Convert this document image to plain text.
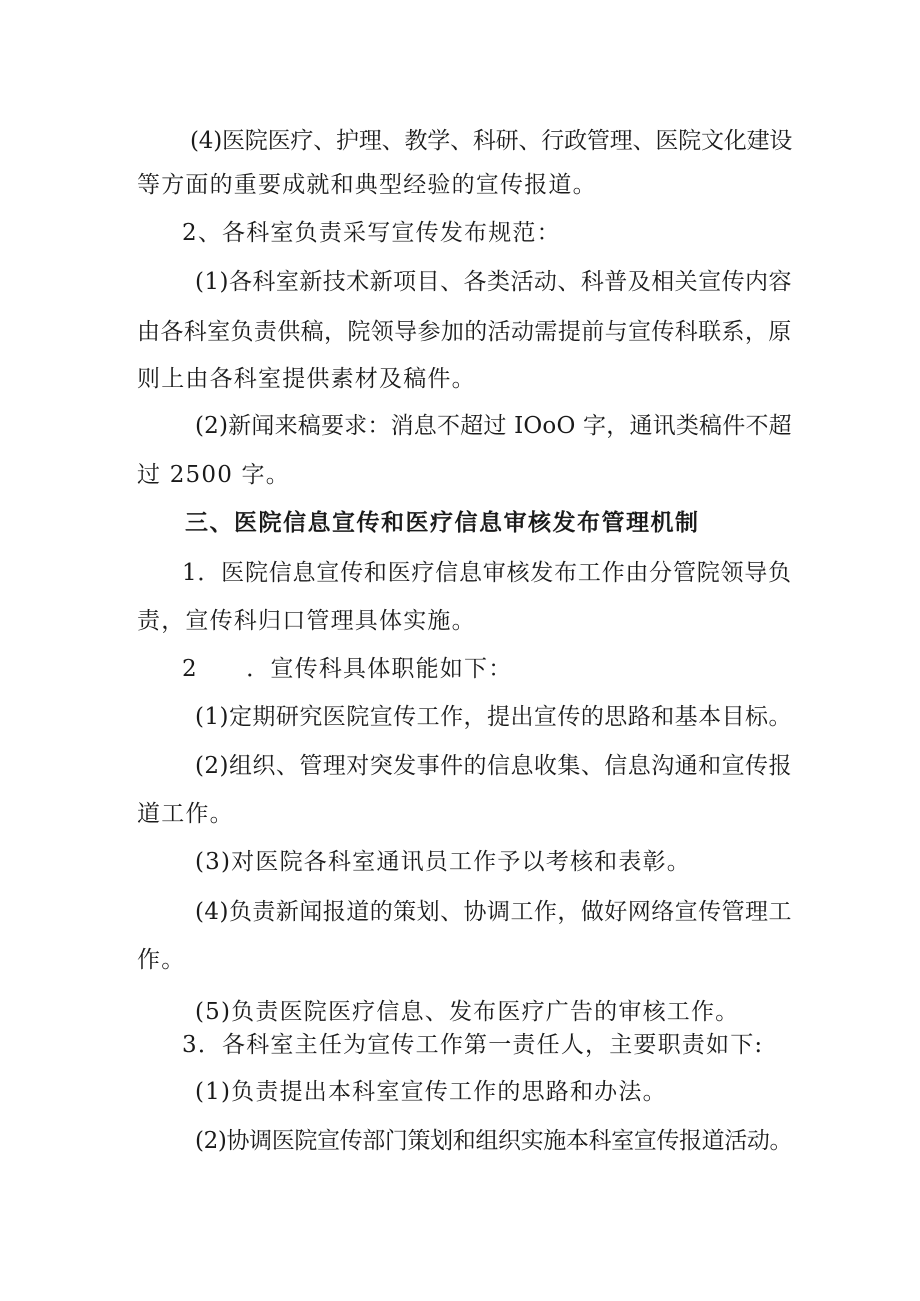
(4)医院医疗、护理、教学、科研、行政管理、医院文化建设
等方面的重要成就和典型经验的宣传报道。
2、各科室负责采写宣传发布规范：
(1)各科室新技术新项目、各类活动、科普及相关宣传内容
由各科室负责供稿，院领导参加的活动需提前与宣传科联系，原
则上由各科室提供素材及稿件。
(2)新闻来稿要求：消息不超过 IOoO 字，通讯类稿件不超
过 2500 字。
三、医院信息宣传和医疗信息审核发布管理机制
1．医院信息宣传和医疗信息审核发布工作由分管院领导负
责，宣传科归口管理具体实施。
2　　．宣传科具体职能如下：
(1)定期研究医院宣传工作，提出宣传的思路和基本目标。
(2)组织、管理对突发事件的信息收集、信息沟通和宣传报
道工作。
(3)对医院各科室通讯员工作予以考核和表彰。
(4)负责新闻报道的策划、协调工作，做好网络宣传管理工
作。
(5)负责医院医疗信息、发布医疗广告的审核工作。
3．各科室主任为宣传工作第一责任人，主要职责如下:
(1)负责提出本科室宣传工作的思路和办法。
(2)协调医院宣传部门策划和组织实施本科室宣传报道活动。
